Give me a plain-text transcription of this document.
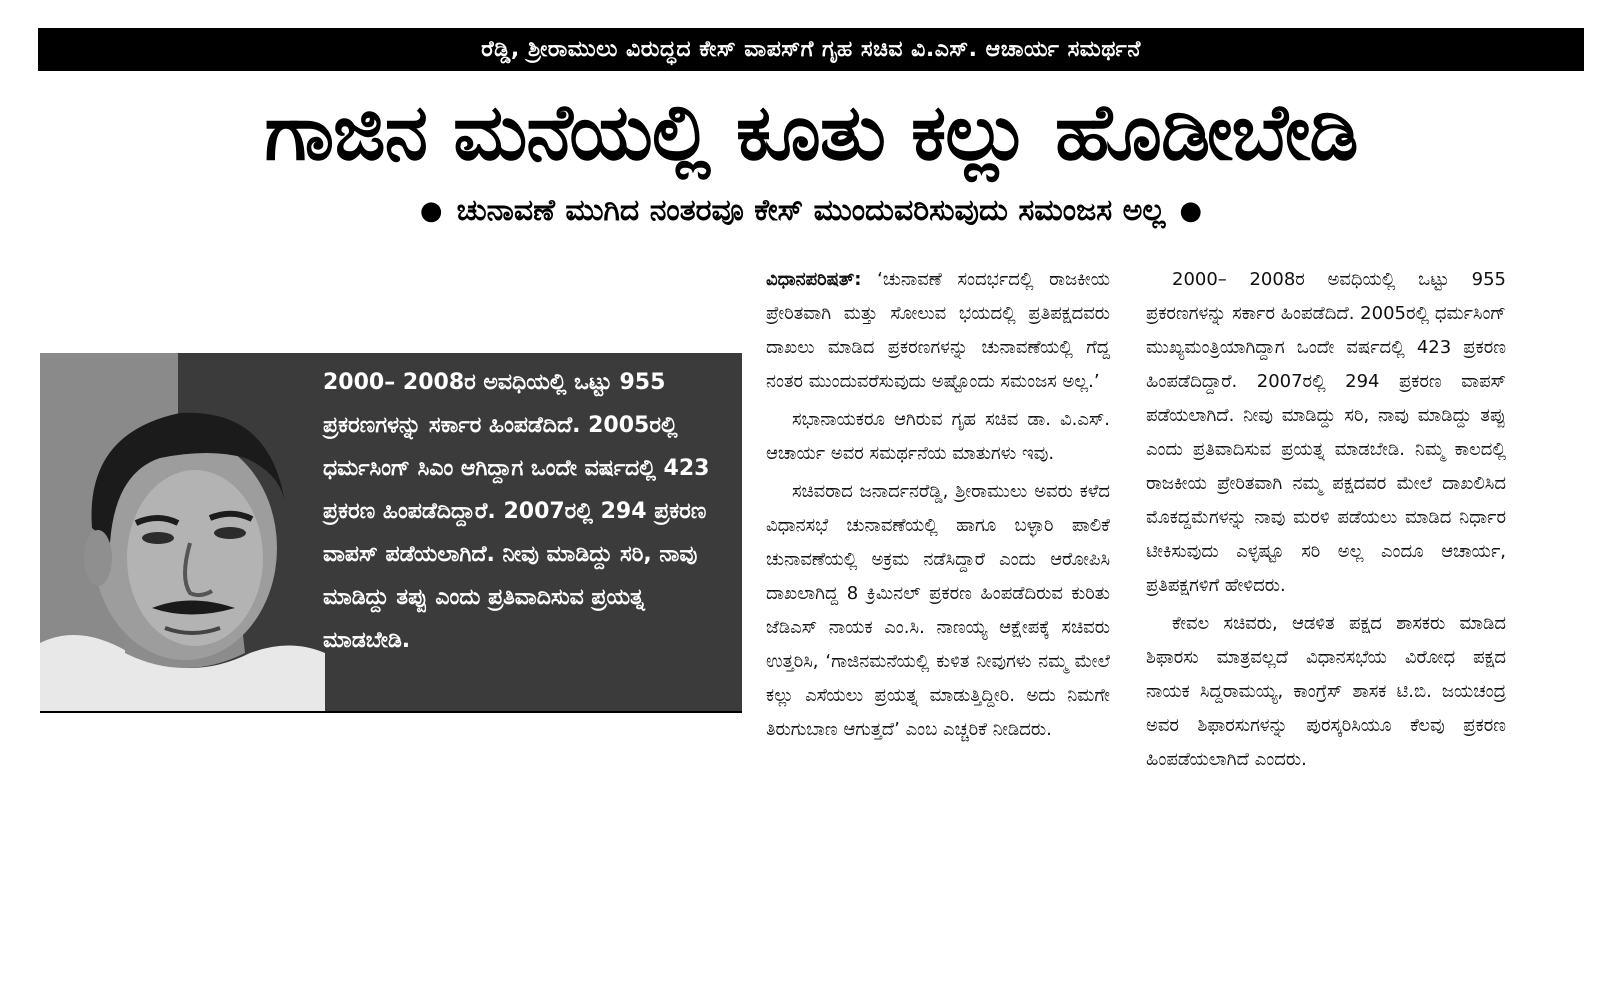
ರೆಡ್ಡಿ, ಶ್ರೀರಾಮುಲು ವಿರುದ್ಧದ ಕೇಸ್ ವಾಪಸ್‌ಗೆ ಗೃಹ ಸಚಿವ ವಿ.ಎಸ್. ಆಚಾರ್ಯ ಸಮರ್ಥನೆ
ಗಾಜಿನ ಮನೆಯಲ್ಲಿ ಕೂತು ಕಲ್ಲು ಹೊಡೀಬೇಡಿ
● ಚುನಾವಣೆ ಮುಗಿದ ನಂತರವೂ ಕೇಸ್ ಮುಂದುವರಿಸುವುದು ಸಮಂಜಸ ಅಲ್ಲ ●
2000– 2008ರ ಅವಧಿಯಲ್ಲಿ ಒಟ್ಟು 955 ಪ್ರಕರಣಗಳನ್ನು ಸರ್ಕಾರ ಹಿಂಪಡೆದಿದೆ. 2005ರಲ್ಲಿ ಧರ್ಮಸಿಂಗ್ ಸಿಎಂ ಆಗಿದ್ದಾಗ ಒಂದೇ ವರ್ಷದಲ್ಲಿ 423 ಪ್ರಕರಣ ಹಿಂಪಡೆದಿದ್ದಾರೆ. 2007ರಲ್ಲಿ 294 ಪ್ರಕರಣ ವಾಪಸ್ ಪಡೆಯಲಾಗಿದೆ. ನೀವು ಮಾಡಿದ್ದು ಸರಿ, ನಾವು ಮಾಡಿದ್ದು ತಪ್ಪು ಎಂದು ಪ್ರತಿವಾದಿಸುವ ಪ್ರಯತ್ನ ಮಾಡಬೇಡಿ.

ವಿಧಾನಪರಿಷತ್: ‘ಚುನಾವಣೆ ಸಂದರ್ಭದಲ್ಲಿ ರಾಜಕೀಯ ಪ್ರೇರಿತವಾಗಿ ಮತ್ತು ಸೋಲುವ ಭಯದಲ್ಲಿ ಪ್ರತಿಪಕ್ಷದವರು ದಾಖಲು ಮಾಡಿದ ಪ್ರಕರಣಗಳನ್ನು ಚುನಾವಣೆಯಲ್ಲಿ ಗೆದ್ದ ನಂತರ ಮುಂದುವರೆಸುವುದು ಅಷ್ಟೊಂದು ಸಮಂಜಸ ಅಲ್ಲ.’

ಸಭಾನಾಯಕರೂ ಆಗಿರುವ ಗೃಹ ಸಚಿವ ಡಾ. ವಿ.ಎಸ್. ಆಚಾರ್ಯ ಅವರ ಸಮರ್ಥನೆಯ ಮಾತುಗಳು ಇವು.

ಸಚಿವರಾದ ಜನಾರ್ದನರೆಡ್ಡಿ, ಶ್ರೀರಾಮುಲು ಅವರು ಕಳೆದ ವಿಧಾನಸಭೆ ಚುನಾವಣೆಯಲ್ಲಿ ಹಾಗೂ ಬಳ್ಳಾರಿ ಪಾಲಿಕೆ ಚುನಾವಣೆಯಲ್ಲಿ ಅಕ್ರಮ ನಡೆಸಿದ್ದಾರೆ ಎಂದು ಆರೋಪಿಸಿ ದಾಖಲಾಗಿದ್ದ 8 ಕ್ರಿಮಿನಲ್ ಪ್ರಕರಣ ಹಿಂಪಡೆದಿರುವ ಕುರಿತು ಜೆಡಿಎಸ್ ನಾಯಕ ಎಂ.ಸಿ. ನಾಣಯ್ಯ ಆಕ್ಷೇಪಕ್ಕೆ ಸಚಿವರು ಉತ್ತರಿಸಿ, ‘ಗಾಜಿನಮನೆಯಲ್ಲಿ ಕುಳಿತ ನೀವುಗಳು ನಮ್ಮ ಮೇಲೆ ಕಲ್ಲು ಎಸೆಯಲು ಪ್ರಯತ್ನ ಮಾಡುತ್ತಿದ್ದೀರಿ. ಅದು ನಿಮಗೇ ತಿರುಗುಬಾಣ ಆಗುತ್ತದೆ’ ಎಂಬ ಎಚ್ಚರಿಕೆ ನೀಡಿದರು.

2000– 2008ರ ಅವಧಿಯಲ್ಲಿ ಒಟ್ಟು 955 ಪ್ರಕರಣಗಳನ್ನು ಸರ್ಕಾರ ಹಿಂಪಡೆದಿದೆ. 2005ರಲ್ಲಿ ಧರ್ಮಸಿಂಗ್ ಮುಖ್ಯಮಂತ್ರಿಯಾಗಿದ್ದಾಗ ಒಂದೇ ವರ್ಷದಲ್ಲಿ 423 ಪ್ರಕರಣ ಹಿಂಪಡೆದಿದ್ದಾರೆ. 2007ರಲ್ಲಿ 294 ಪ್ರಕರಣ ವಾಪಸ್ ಪಡೆಯಲಾಗಿದೆ. ನೀವು ಮಾಡಿದ್ದು ಸರಿ, ನಾವು ಮಾಡಿದ್ದು ತಪ್ಪು ಎಂದು ಪ್ರತಿವಾದಿಸುವ ಪ್ರಯತ್ನ ಮಾಡಬೇಡಿ. ನಿಮ್ಮ ಕಾಲದಲ್ಲಿ ರಾಜಕೀಯ ಪ್ರೇರಿತವಾಗಿ ನಮ್ಮ ಪಕ್ಷದವರ ಮೇಲೆ ದಾಖಲಿಸಿದ ಮೊಕದ್ದಮೆಗಳನ್ನು ನಾವು ಮರಳಿ ಪಡೆಯಲು ಮಾಡಿದ ನಿರ್ಧಾರ ಟೀಕಿಸುವುದು ಎಳ್ಳಷ್ಟೂ ಸರಿ ಅಲ್ಲ ಎಂದೂ ಆಚಾರ್ಯ, ಪ್ರತಿಪಕ್ಷಗಳಿಗೆ ಹೇಳಿದರು.

ಕೇವಲ ಸಚಿವರು, ಆಡಳಿತ ಪಕ್ಷದ ಶಾಸಕರು ಮಾಡಿದ ಶಿಫಾರಸು ಮಾತ್ರವಲ್ಲದೆ ವಿಧಾನಸಭೆಯ ವಿರೋಧ ಪಕ್ಷದ ನಾಯಕ ಸಿದ್ದರಾಮಯ್ಯ, ಕಾಂಗ್ರೆಸ್ ಶಾಸಕ ಟಿ.ಬಿ. ಜಯಚಂದ್ರ ಅವರ ಶಿಫಾರಸುಗಳನ್ನು ಪುರಸ್ಕರಿಸಿಯೂ ಕೆಲವು ಪ್ರಕರಣ ಹಿಂಪಡೆಯಲಾಗಿದೆ ಎಂದರು.
